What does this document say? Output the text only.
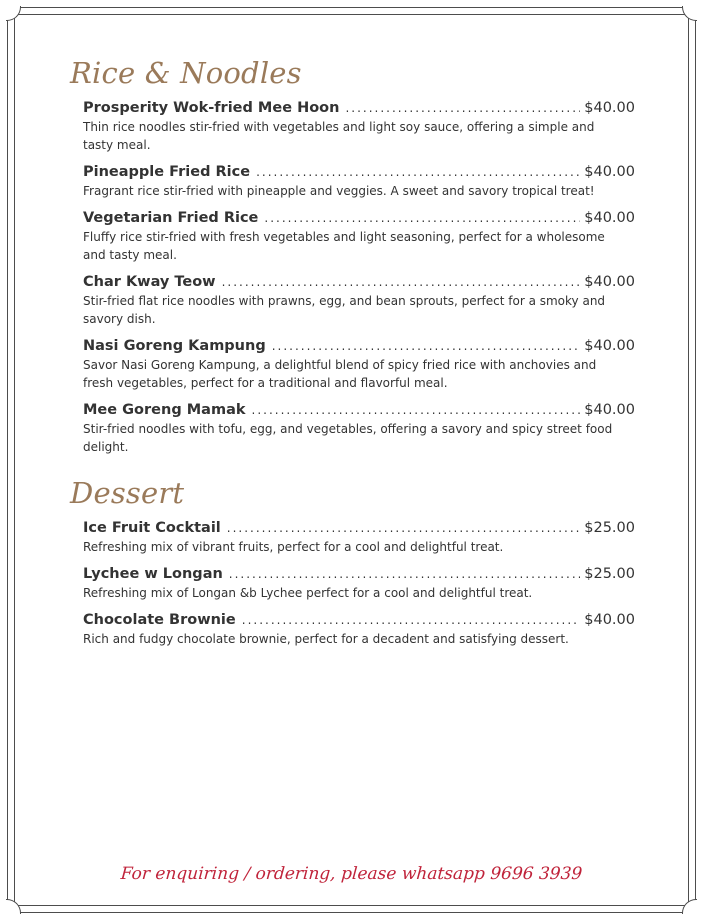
Rice & Noodles
Prosperity Wok-fried Mee Hoon .....	$40.00
Thin rice noodles stir-fried with vegetables and light soy sauce, offering a simple and tasty meal.
Pineapple Fried Rice .....	$40.00
Fragrant rice stir-fried with pineapple and veggies. A sweet and savory tropical treat!
Vegetarian Fried Rice .....	$40.00
Fluffy rice stir-fried with fresh vegetables and light seasoning, perfect for a wholesome and tasty meal.
Char Kway Teow .....	$40.00
Stir-fried flat rice noodles with prawns, egg, and bean sprouts, perfect for a smoky and savory dish.
Nasi Goreng Kampung .....	$40.00
Savor Nasi Goreng Kampung, a delightful blend of spicy fried rice with anchovies and fresh vegetables, perfect for a traditional and flavorful meal.
Mee Goreng Mamak .....	$40.00
Stir-fried noodles with tofu, egg, and vegetables, offering a savory and spicy street food delight.
Dessert
Ice Fruit Cocktail .....	$25.00
Refreshing mix of vibrant fruits, perfect for a cool and delightful treat.
Lychee w Longan .....	$25.00
Refreshing mix of Longan &b Lychee perfect for a cool and delightful treat.
Chocolate Brownie .....	$40.00
Rich and fudgy chocolate brownie, perfect for a decadent and satisfying dessert.
For enquiring / ordering, please whatsapp 9696 3939
